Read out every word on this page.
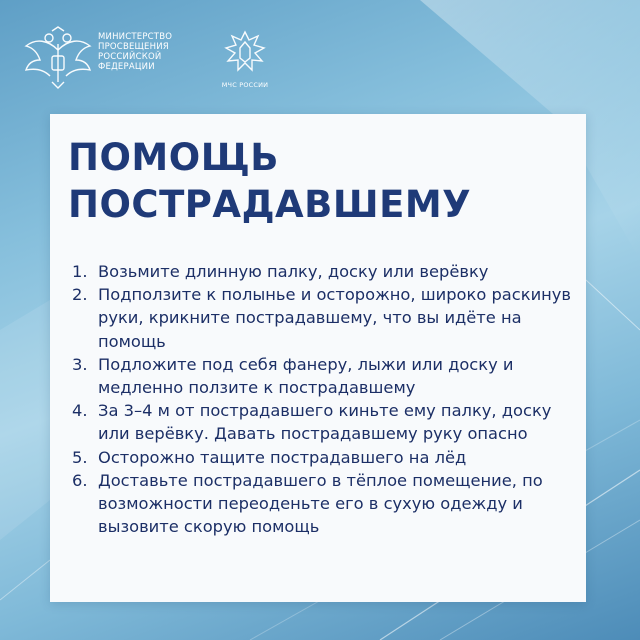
МИНИСТЕРСТВО
ПРОСВЕЩЕНИЯ
РОССИЙСКОЙ
ФЕДЕРАЦИИ
МЧС РОССИИ
ПОМОЩЬ
ПОСТРАДАВШЕМУ
1. Возьмите длинную палку, доску или верёвку
2. Подползите к полынье и осторожно, широко раскинув руки, крикните пострадавшему, что вы идёте на помощь
3. Подложите под себя фанеру, лыжи или доску и медленно ползите к пострадавшему
4. За 3–4 м от пострадавшего киньте ему палку, доску или верёвку. Давать пострадавшему руку опасно
5. Осторожно тащите пострадавшего на лёд
6. Доставьте пострадавшего в тёплое помещение, по возможности переоденьте его в сухую одежду и вызовите скорую помощь
